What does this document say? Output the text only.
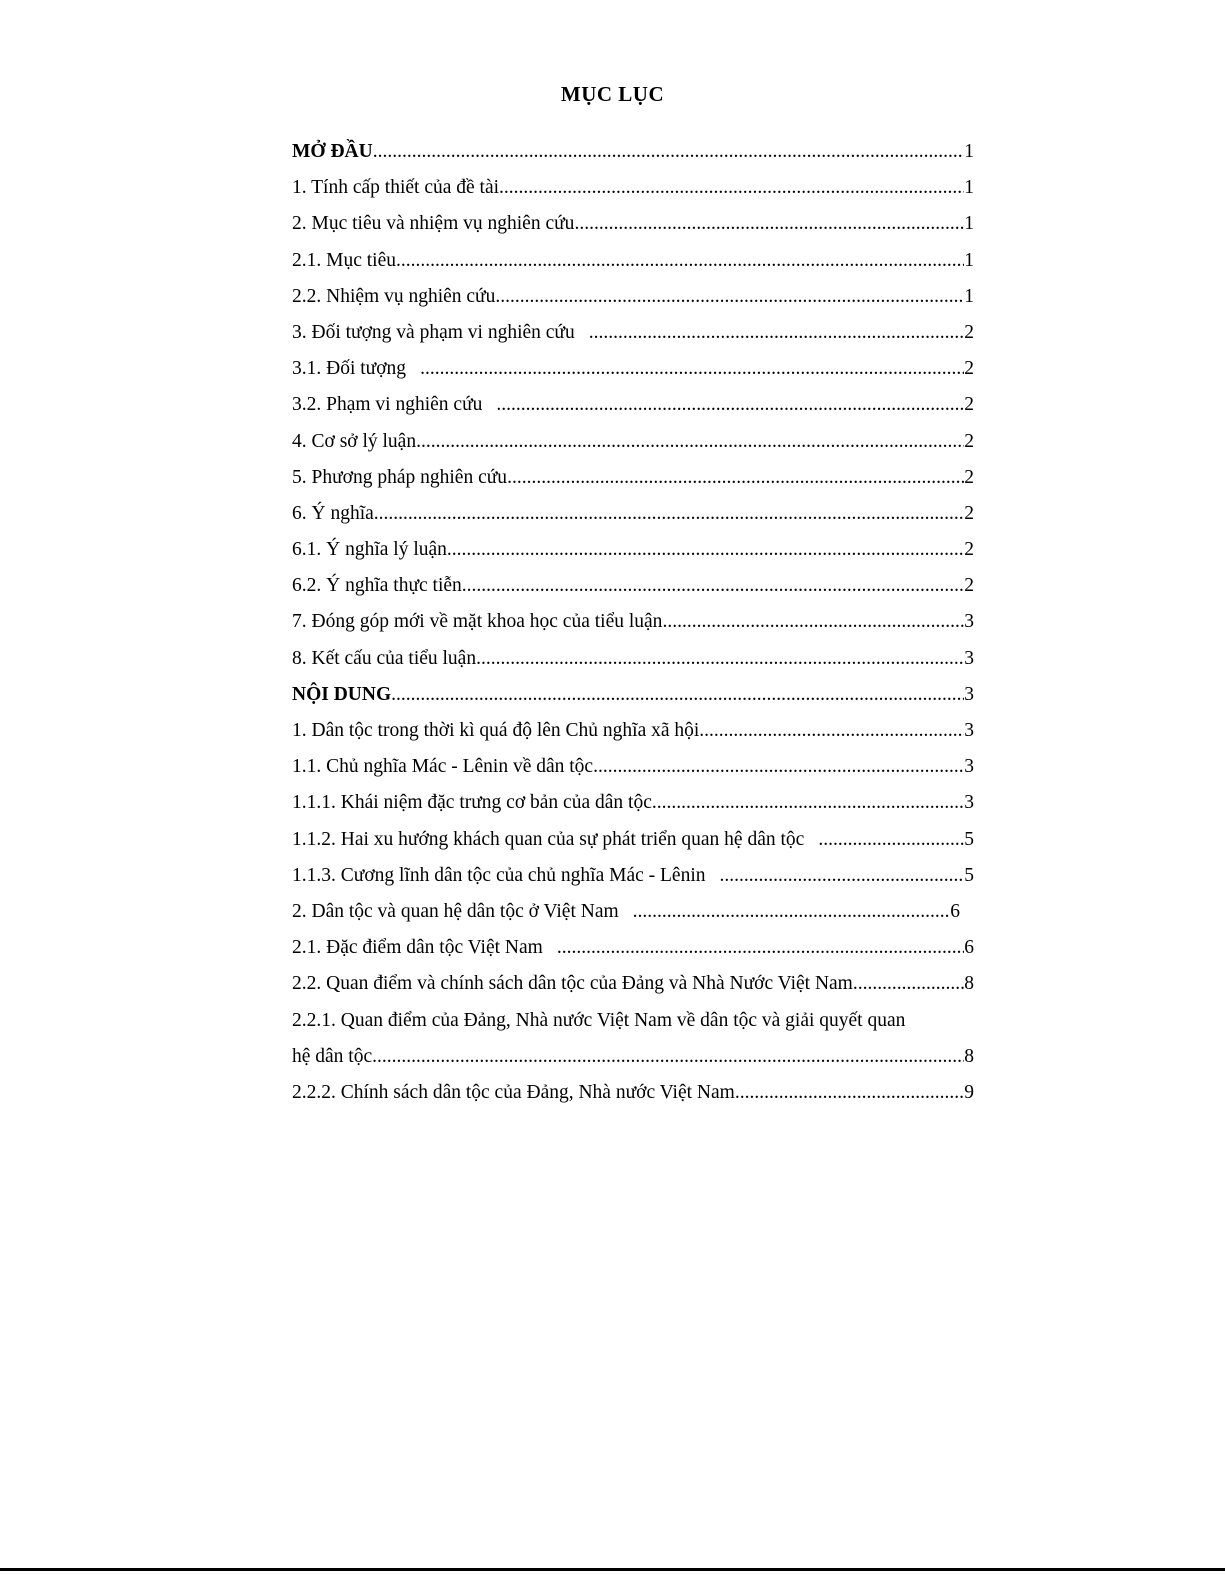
MỤC LỤC
MỞ ĐẦU .....	1
1. Tính cấp thiết của đề tài .....	1
2. Mục tiêu và nhiệm vụ nghiên cứu .....	1
2.1. Mục tiêu .....	1
2.2. Nhiệm vụ nghiên cứu .....	1
3. Đối tượng và phạm vi nghiên cứu .....	2
3.1. Đối tượng .....	2
3.2. Phạm vi nghiên cứu .....	2
4. Cơ sở lý luận .....	2
5. Phương pháp nghiên cứu .....	2
6. Ý nghĩa .....	2
6.1. Ý nghĩa lý luận .....	2
6.2. Ý nghĩa thực tiễn .....	2
7. Đóng góp mới về mặt khoa học của tiểu luận .....	3
8. Kết cấu của tiểu luận .....	3
NỘI DUNG .....	3
1. Dân tộc trong thời kì quá độ lên Chủ nghĩa xã hội .....	3
1.1. Chủ nghĩa Mác - Lênin về dân tộc .....	3
1.1.1. Khái niệm đặc trưng cơ bản của dân tộc .....	3
1.1.2. Hai xu hướng khách quan của sự phát triển quan hệ dân tộc .....	5
1.1.3. Cương lĩnh dân tộc của chủ nghĩa Mác - Lênin .....	5
2. Dân tộc và quan hệ dân tộc ở Việt Nam .....	6
2.1. Đặc điểm dân tộc Việt Nam .....	6
2.2. Quan điểm và chính sách dân tộc của Đảng và Nhà Nước Việt Nam .....	8
2.2.1. Quan điểm của Đảng, Nhà nước Việt Nam về dân tộc và giải quyết quan
hệ dân tộc .....	8
2.2.2. Chính sách dân tộc của Đảng, Nhà nước Việt Nam .....	9
